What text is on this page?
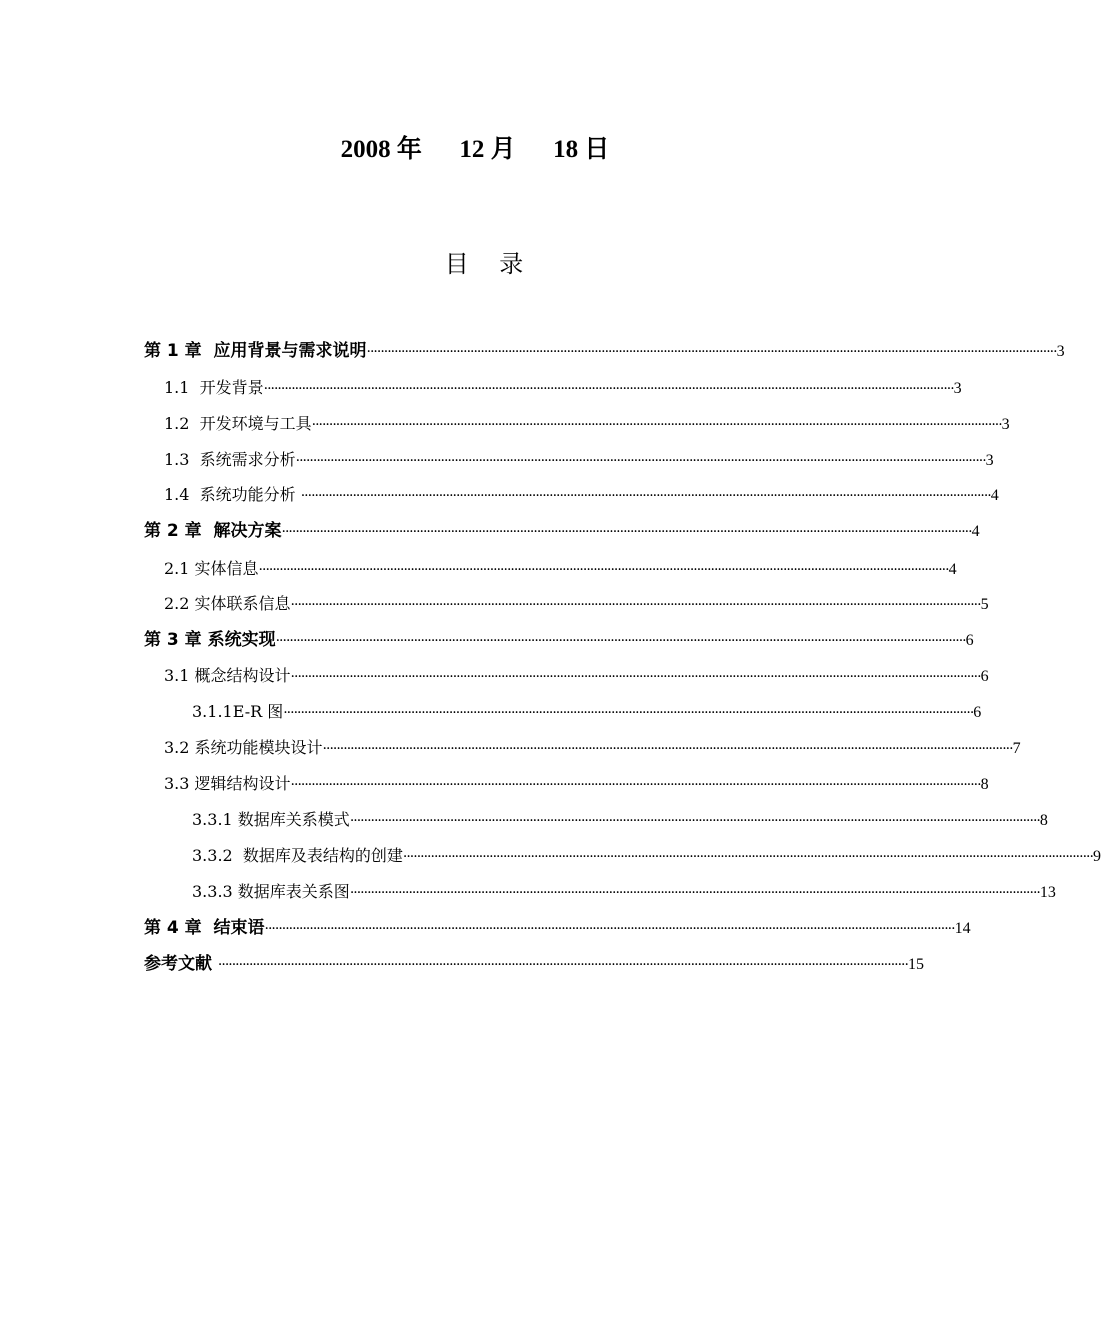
2008 年      12 月      18 日
目    录
第 1 章  应用背景与需求说明 ········································································································································································································ 3
1.1  开发背景 ········································································································································································································ 3
1.2  开发环境与工具 ········································································································································································································ 3
1.3  系统需求分析 ········································································································································································································ 3
1.4  系统功能分析 ········································································································································································································ 4
第 2 章  解决方案 ········································································································································································································ 4
2.1 实体信息 ········································································································································································································ 4
2.2 实体联系信息 ········································································································································································································ 5
第 3 章 系统实现 ········································································································································································································ 6
3.1 概念结构设计 ········································································································································································································ 6
3.1.1E-R 图 ········································································································································································································ 6
3.2 系统功能模块设计 ········································································································································································································ 7
3.3 逻辑结构设计 ········································································································································································································ 8
3.3.1 数据库关系模式 ········································································································································································································ 8
3.3.2  数据库及表结构的创建 ········································································································································································································ 9
3.3.3 数据库表关系图 ········································································································································································································ 13
第 4 章  结束语 ········································································································································································································ 14
参考文献 ········································································································································································································ 15
